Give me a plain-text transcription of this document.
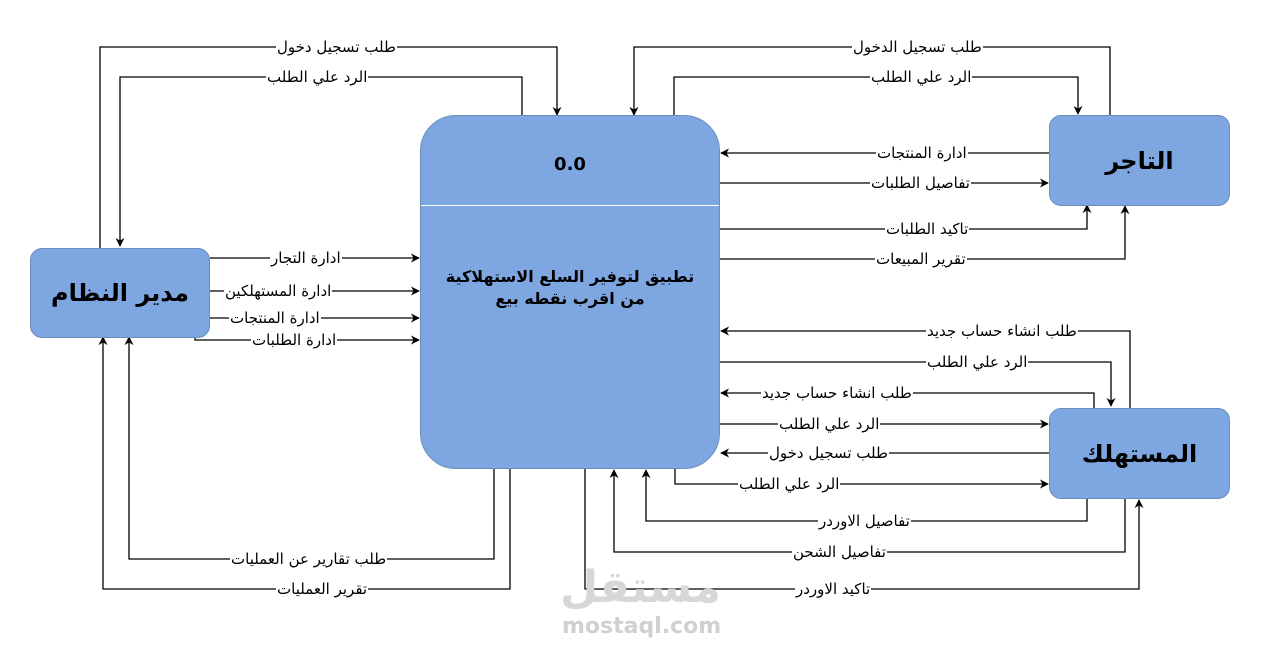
0.0
تطبيق لتوفير السلع الاستهلاكية من اقرب نقطه بيع
مدير النظام
التاجر
المستهلك
طلب تسجيل دخول
الرد علي الطلب
ادارة التجار
ادارة المستهلكين
ادارة المنتجات
ادارة الطلبات
طلب تقارير عن العمليات
تقرير العمليات
طلب تسجيل الدخول
الرد علي الطلب
ادارة المنتجات
تفاصيل الطلبات
تاكيد الطلبات
تقرير المبيعات
طلب انشاء حساب جديد
الرد علي الطلب
طلب انشاء حساب جديد
الرد علي الطلب
طلب تسجيل دخول
الرد علي الطلب
تفاصيل الاوردر
تفاصيل الشحن
تاكيد الاوردر
مستقل
mostaql.com
